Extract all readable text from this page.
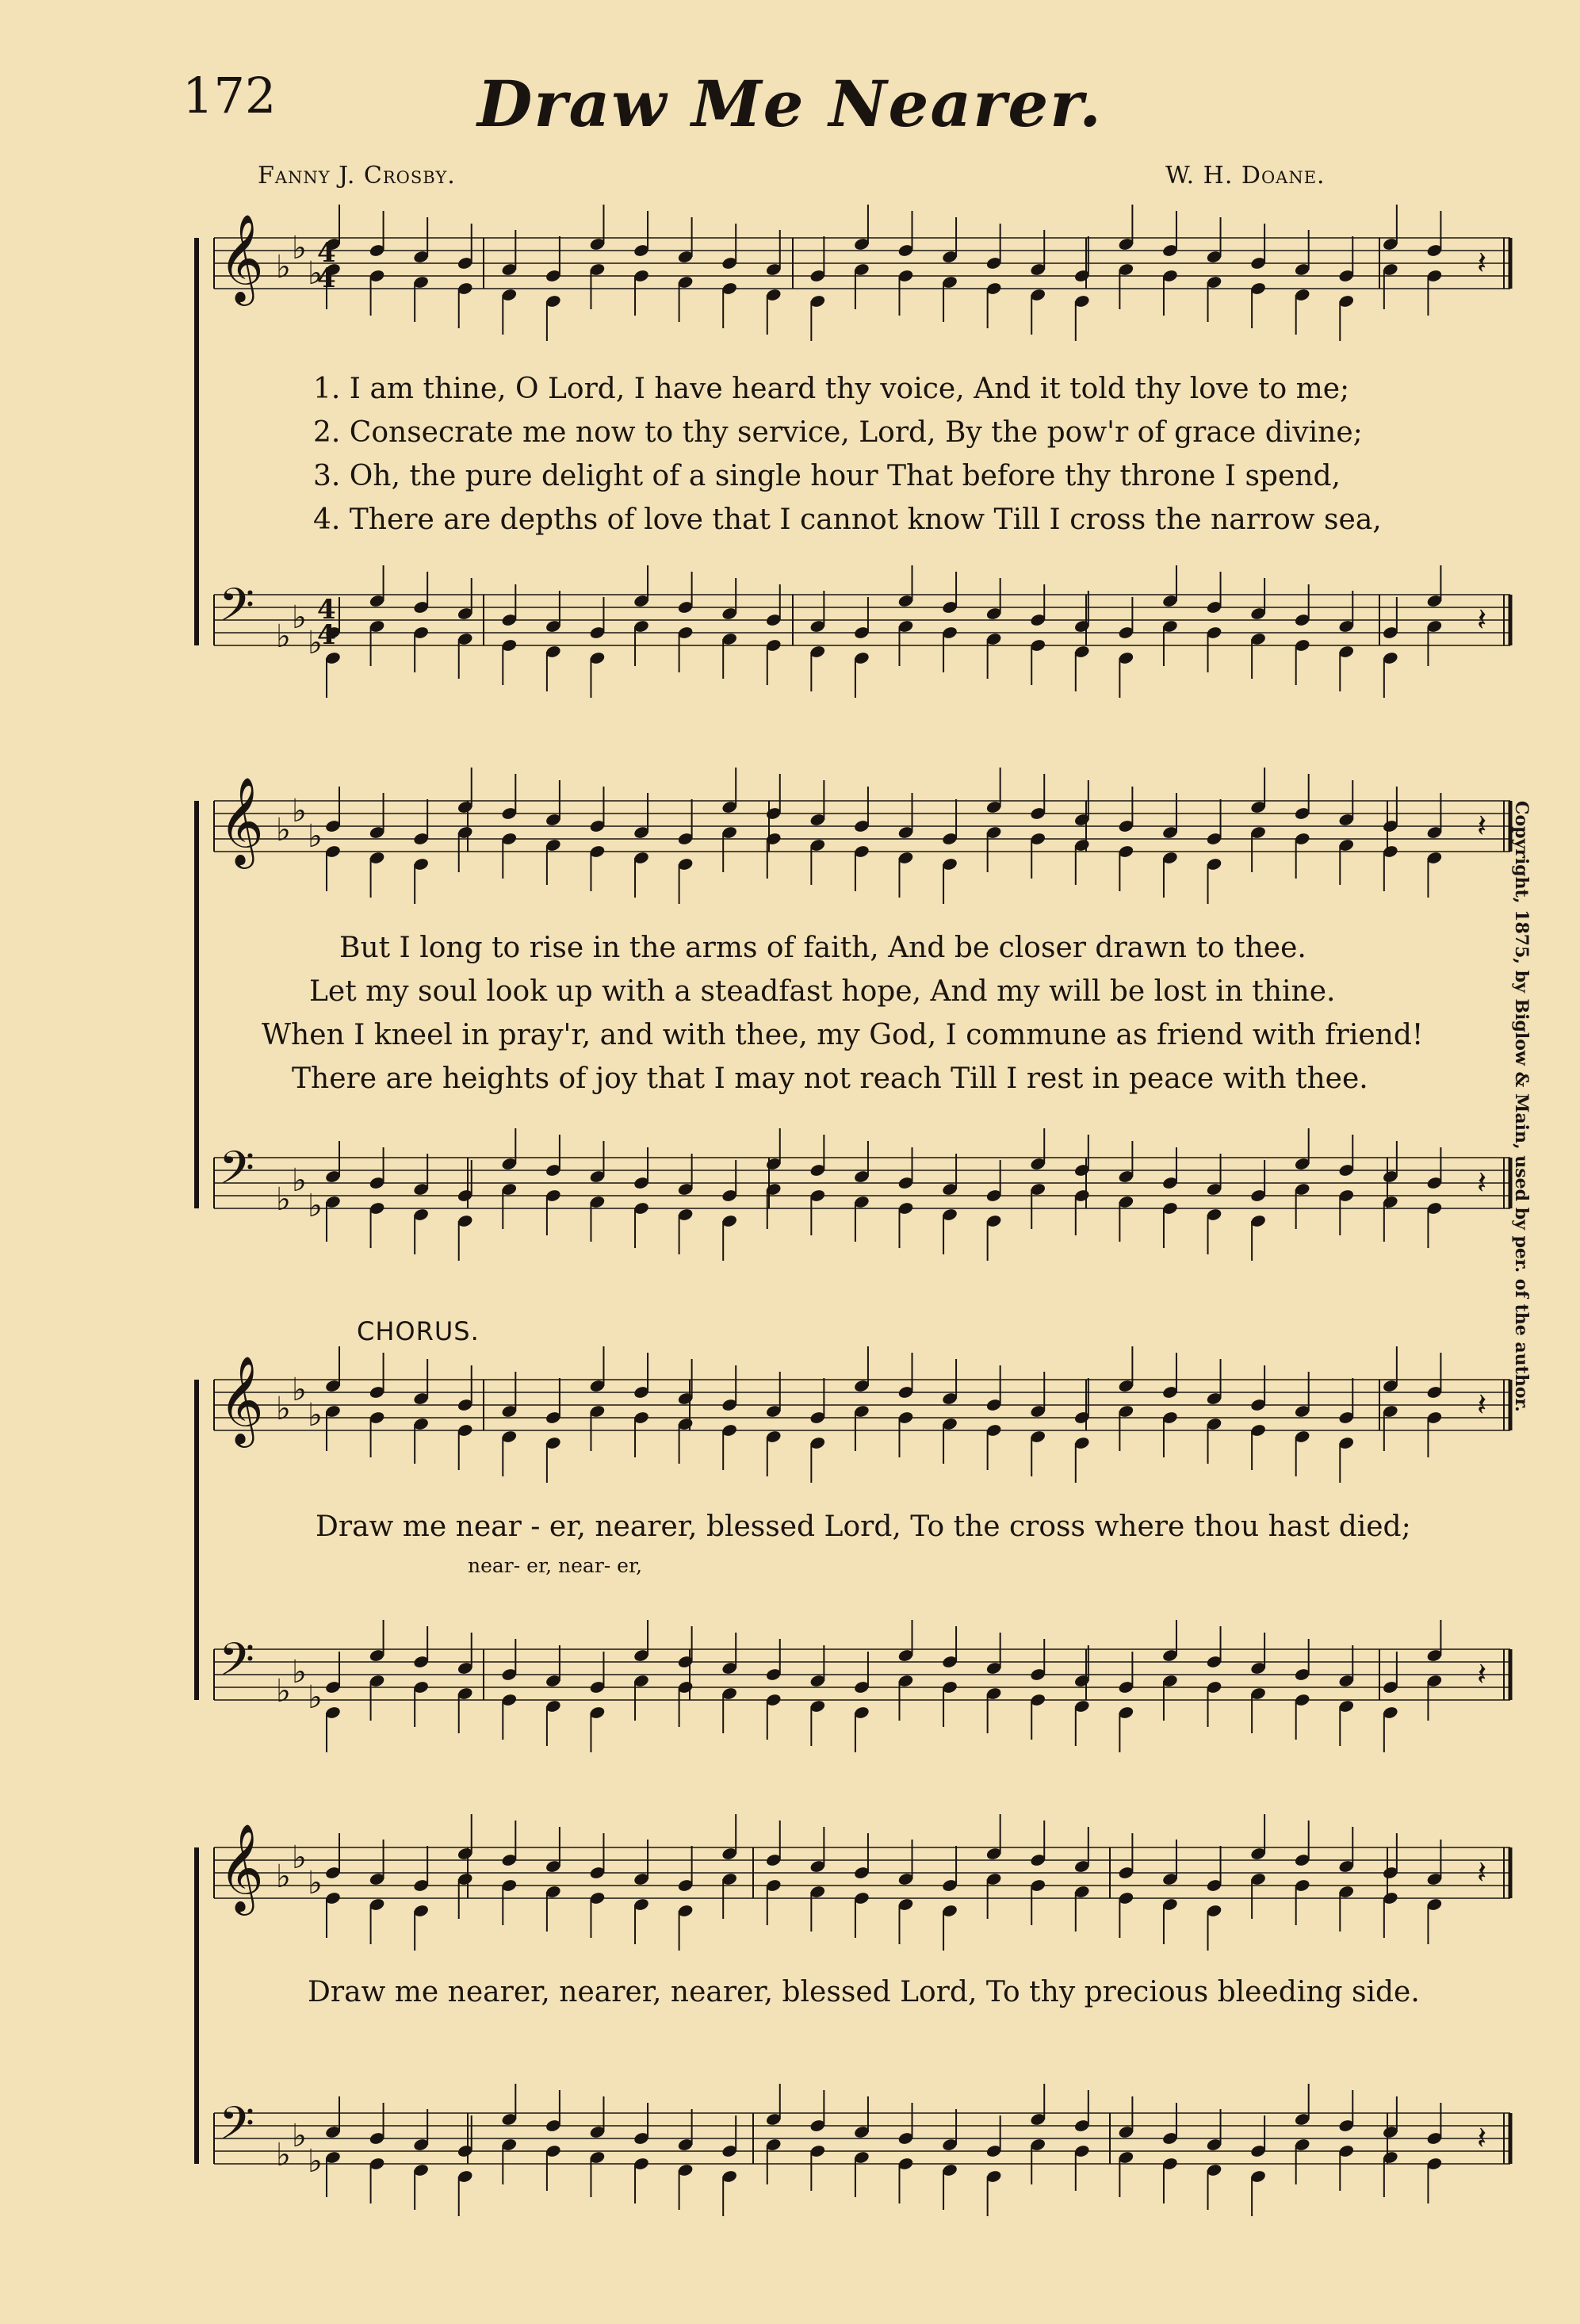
172	Draw Me Nearer.
Fanny J. Crosby.	W. H. Doane.
𝄞 ♭
♭
♭	𝄽
𝄢 ♭
♭
♭
𝄽
𝄞 ♭
♭
♭	𝄽
𝄢 ♭
♭
♭
𝄽
𝄞 ♭
♭
♭	𝄽
𝄢 ♭
♭
♭
𝄽
𝄞 ♭
♭
♭	𝄽
𝄢 ♭
♭
♭
𝄽
4
4
4
4
1. I am thine, O Lord, I have heard thy voice, And it told thy love to me;
2. Consecrate me now to thy service, Lord, By the pow'r of grace divine;
3. Oh, the pure delight of a single hour That before thy throne I spend,
4. There are depths of love that I cannot know Till I cross the narrow sea,
But I long to rise in the arms of faith, And be closer drawn to thee.
Let my soul look up with a steadfast hope, And my will be lost in thine.
When I kneel in pray'r, and with thee, my God, I commune as friend with friend!
There are heights of joy that I may not reach Till I rest in peace with thee.
CHORUS.
Draw me near - er, nearer, blessed Lord, To the cross where thou hast died;
near- er, near- er,
Draw me nearer, nearer, nearer, blessed Lord, To thy precious bleeding side.
Copyright, 1875, by Biglow & Main, used by per. of the author.
